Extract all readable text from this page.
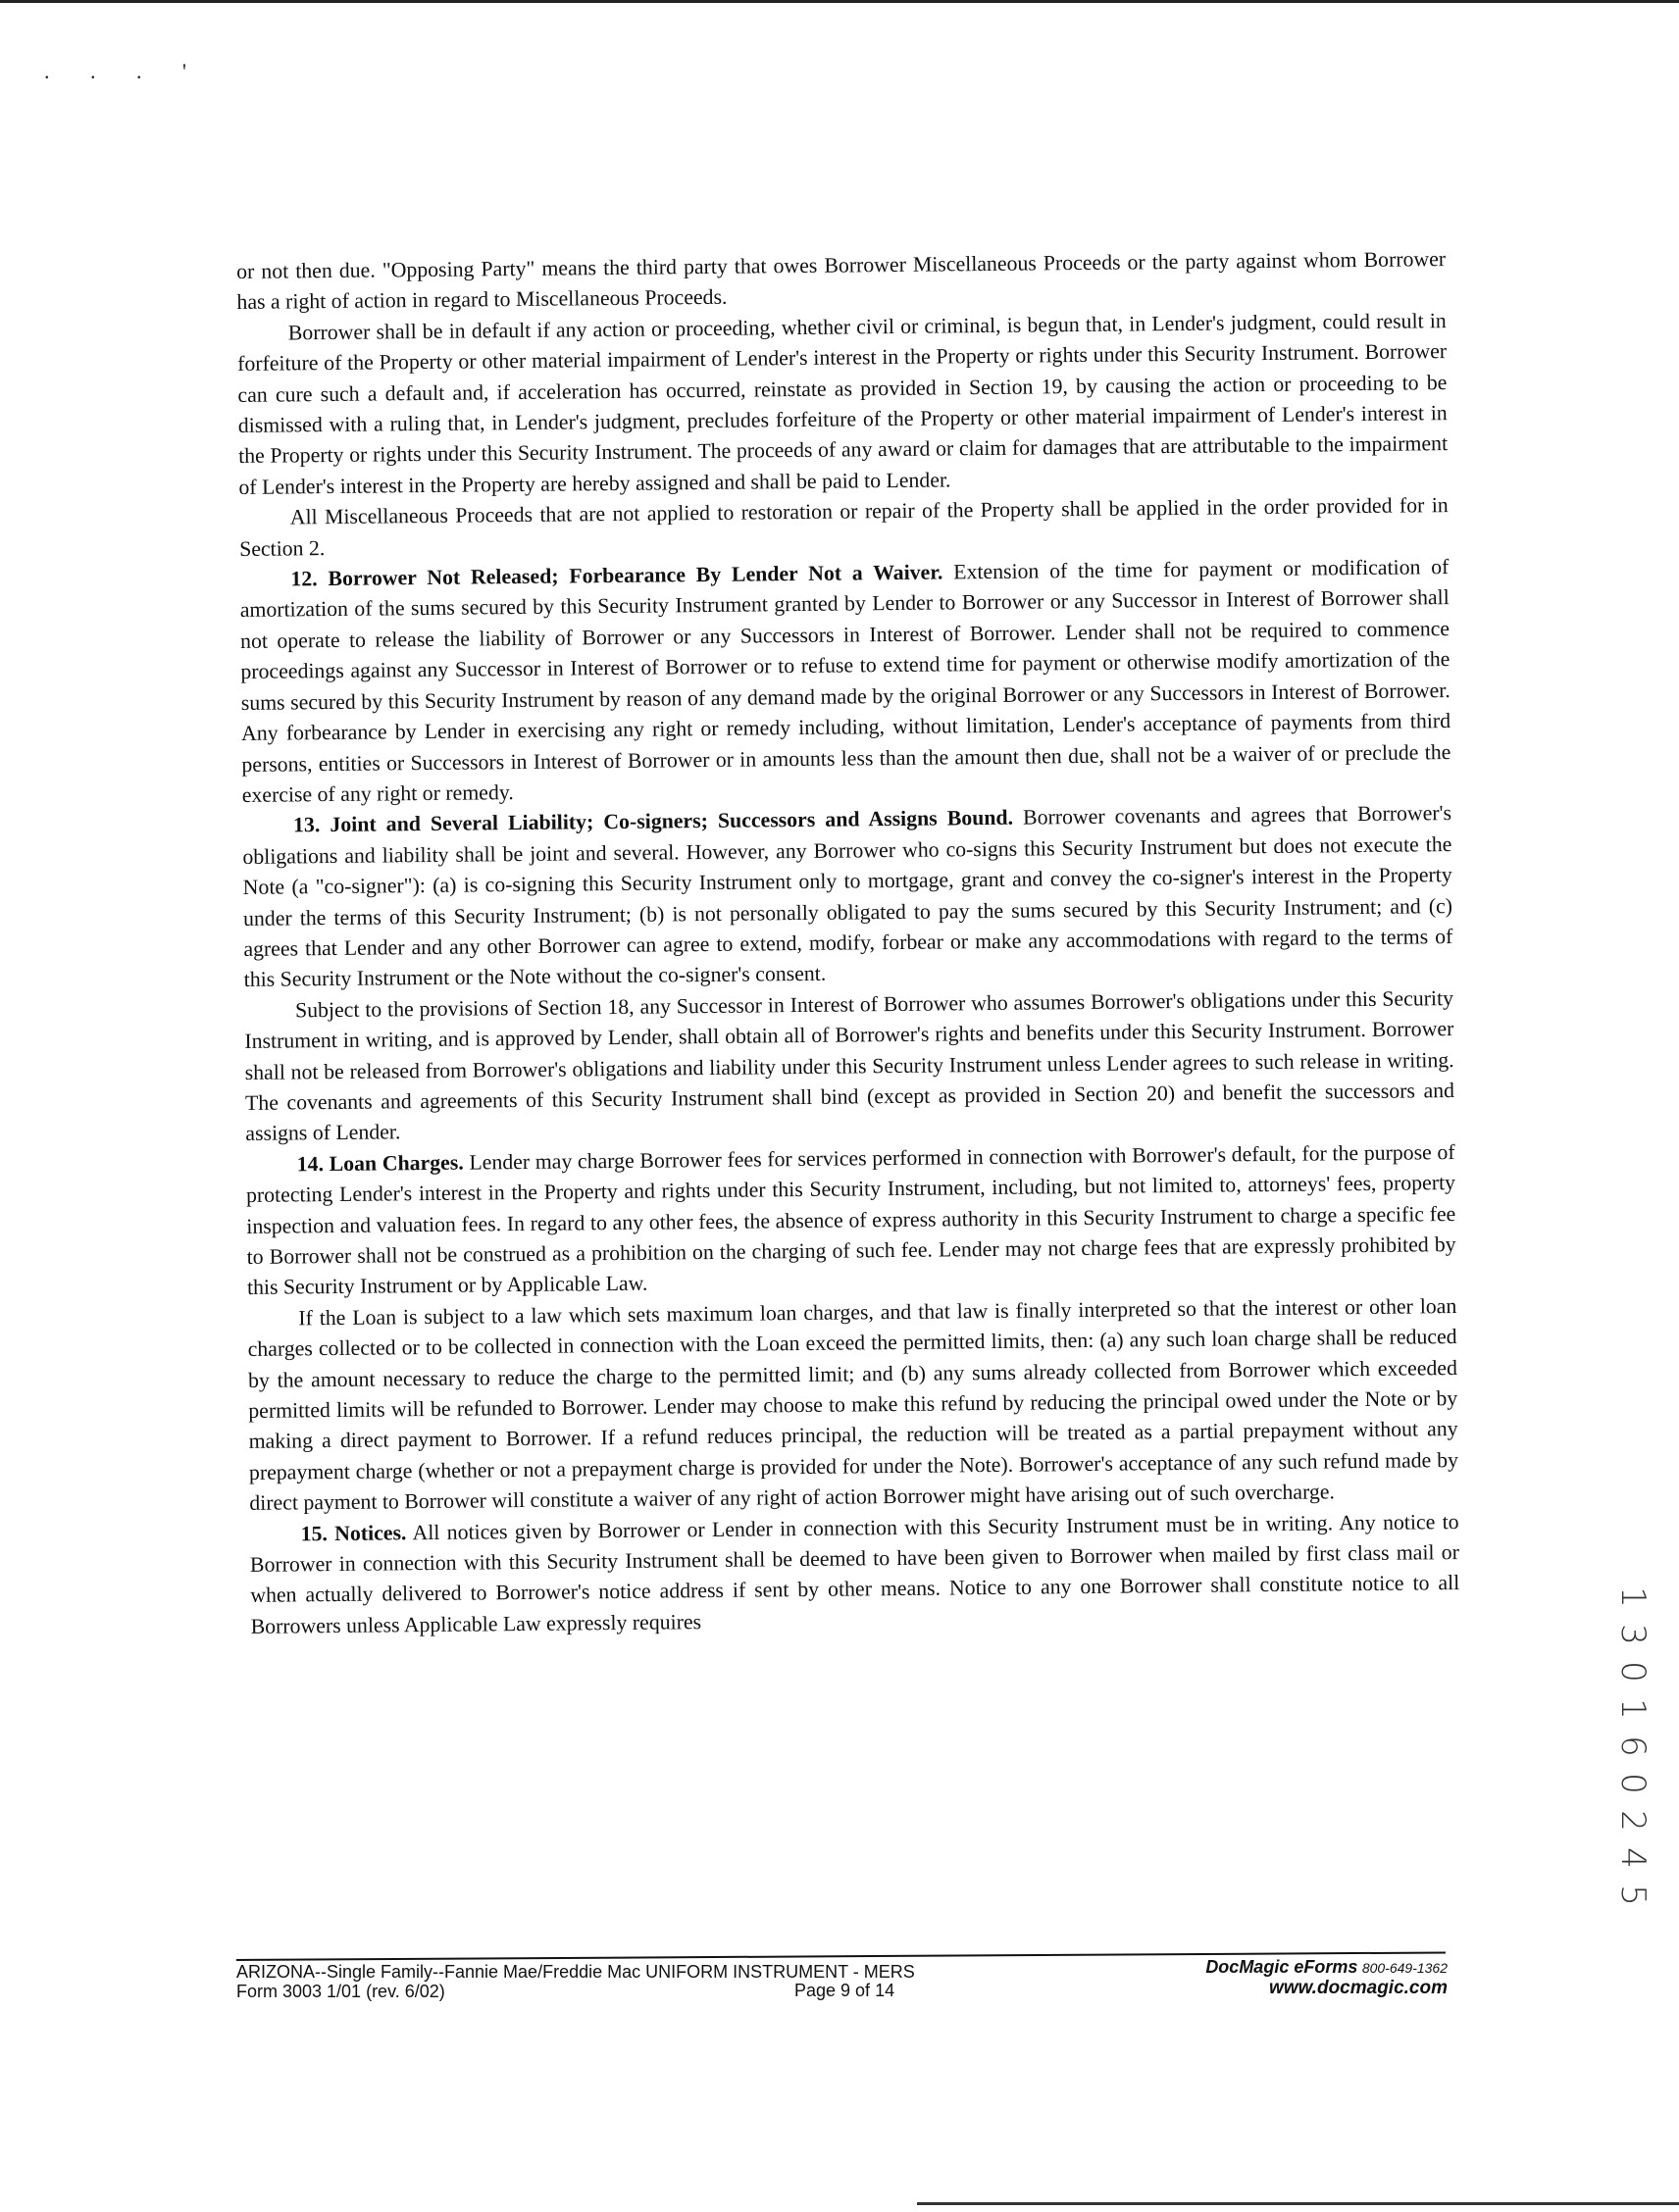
. . . '

or not then due. "Opposing Party" means the third party that owes Borrower Miscellaneous Proceeds or the party against whom Borrower has a right of action in regard to Miscellaneous Proceeds.

Borrower shall be in default if any action or proceeding, whether civil or criminal, is begun that, in Lender's judgment, could result in forfeiture of the Property or other material impairment of Lender's interest in the Property or rights under this Security Instrument. Borrower can cure such a default and, if acceleration has occurred, reinstate as provided in Section 19, by causing the action or proceeding to be dismissed with a ruling that, in Lender's judgment, precludes forfeiture of the Property or other material impairment of Lender's interest in the Property or rights under this Security Instrument. The proceeds of any award or claim for damages that are attributable to the impairment of Lender's interest in the Property are hereby assigned and shall be paid to Lender.

All Miscellaneous Proceeds that are not applied to restoration or repair of the Property shall be applied in the order provided for in Section 2.

12. Borrower Not Released; Forbearance By Lender Not a Waiver. Extension of the time for payment or modification of amortization of the sums secured by this Security Instrument granted by Lender to Borrower or any Successor in Interest of Borrower shall not operate to release the liability of Borrower or any Successors in Interest of Borrower. Lender shall not be required to commence proceedings against any Successor in Interest of Borrower or to refuse to extend time for payment or otherwise modify amortization of the sums secured by this Security Instrument by reason of any demand made by the original Borrower or any Successors in Interest of Borrower. Any forbearance by Lender in exercising any right or remedy including, without limitation, Lender's acceptance of payments from third persons, entities or Successors in Interest of Borrower or in amounts less than the amount then due, shall not be a waiver of or preclude the exercise of any right or remedy.

13. Joint and Several Liability; Co-signers; Successors and Assigns Bound. Borrower covenants and agrees that Borrower's obligations and liability shall be joint and several. However, any Borrower who co-signs this Security Instrument but does not execute the Note (a "co-signer"): (a) is co-signing this Security Instrument only to mortgage, grant and convey the co-signer's interest in the Property under the terms of this Security Instrument; (b) is not personally obligated to pay the sums secured by this Security Instrument; and (c) agrees that Lender and any other Borrower can agree to extend, modify, forbear or make any accommodations with regard to the terms of this Security Instrument or the Note without the co-signer's consent.

Subject to the provisions of Section 18, any Successor in Interest of Borrower who assumes Borrower's obligations under this Security Instrument in writing, and is approved by Lender, shall obtain all of Borrower's rights and benefits under this Security Instrument. Borrower shall not be released from Borrower's obligations and liability under this Security Instrument unless Lender agrees to such release in writing. The covenants and agreements of this Security Instrument shall bind (except as provided in Section 20) and benefit the successors and assigns of Lender.

14. Loan Charges. Lender may charge Borrower fees for services performed in connection with Borrower's default, for the purpose of protecting Lender's interest in the Property and rights under this Security Instrument, including, but not limited to, attorneys' fees, property inspection and valuation fees. In regard to any other fees, the absence of express authority in this Security Instrument to charge a specific fee to Borrower shall not be construed as a prohibition on the charging of such fee. Lender may not charge fees that are expressly prohibited by this Security Instrument or by Applicable Law.

If the Loan is subject to a law which sets maximum loan charges, and that law is finally interpreted so that the interest or other loan charges collected or to be collected in connection with the Loan exceed the permitted limits, then: (a) any such loan charge shall be reduced by the amount necessary to reduce the charge to the permitted limit; and (b) any sums already collected from Borrower which exceeded permitted limits will be refunded to Borrower. Lender may choose to make this refund by reducing the principal owed under the Note or by making a direct payment to Borrower. If a refund reduces principal, the reduction will be treated as a partial prepayment without any prepayment charge (whether or not a prepayment charge is provided for under the Note). Borrower's acceptance of any such refund made by direct payment to Borrower will constitute a waiver of any right of action Borrower might have arising out of such overcharge.

15. Notices. All notices given by Borrower or Lender in connection with this Security Instrument must be in writing. Any notice to Borrower in connection with this Security Instrument shall be deemed to have been given to Borrower when mailed by first class mail or when actually delivered to Borrower's notice address if sent by other means. Notice to any one Borrower shall constitute notice to all Borrowers unless Applicable Law expressly requires

ARIZONA--Single Family--Fannie Mae/Freddie Mac UNIFORM INSTRUMENT - MERS
Form 3003 1/01 (rev. 6/02)	Page 9 of 14
DocMagic eForms 800-649-1362
www.docmagic.com
1
3
0
1
6
0
2
4
5
